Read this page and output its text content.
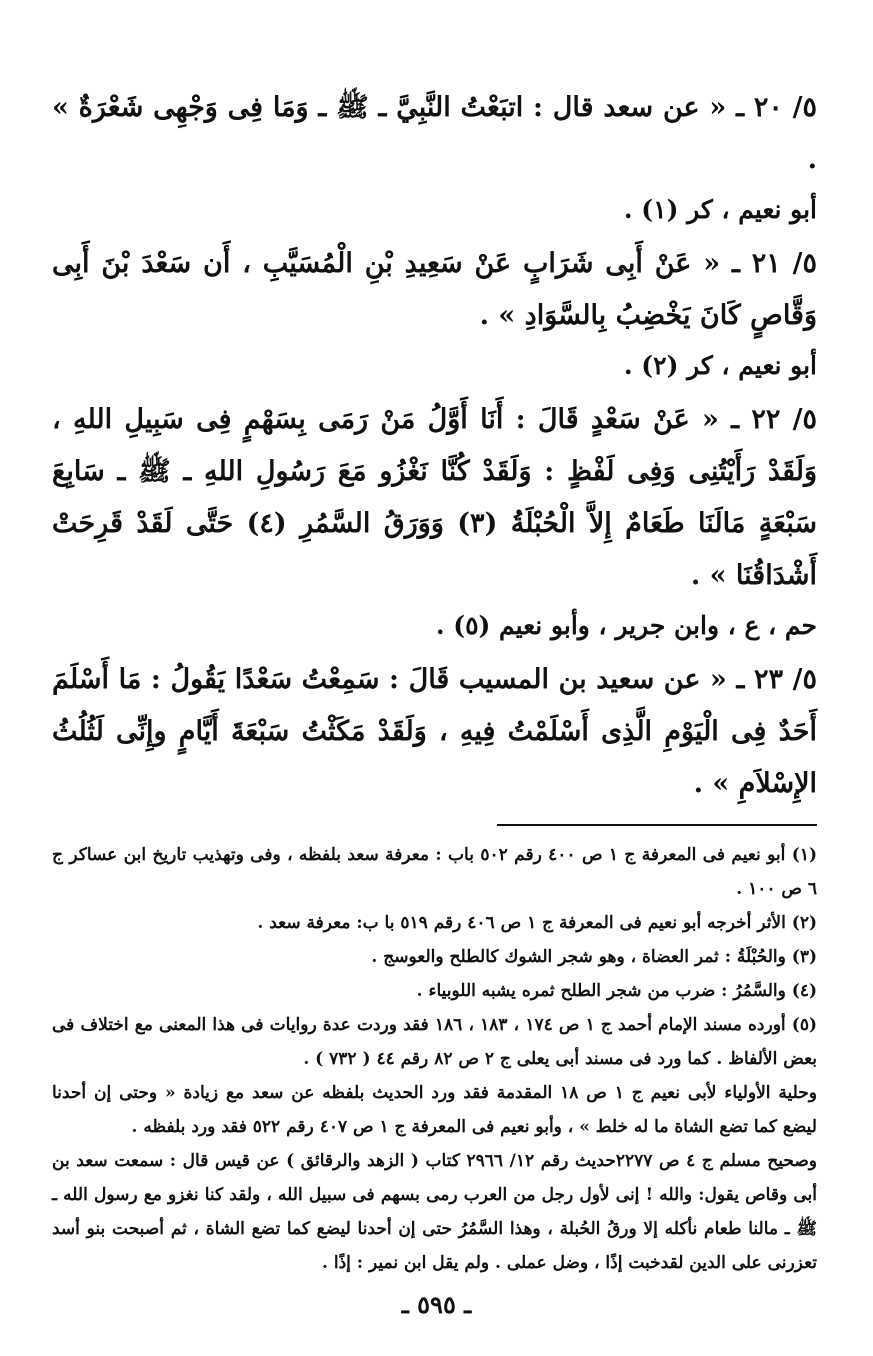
٥/ ٢٠ ـ « عن سعد قال : اتبَعْتُ النَّبِيَّ ـ ﷺ ـ وَمَا فِى وَجْهِى شَعْرَةٌ » .

أبو نعيم ، كر (١) .

٥/ ٢١ ـ « عَنْ أَبِى شَرَابٍ عَنْ سَعِيدِ بْنِ الْمُسَيَّبِ ، أَن سَعْدَ بْنَ أَبِى وَقَّاصٍ كَانَ يَخْضِبُ بِالسَّوَادِ » .

أبو نعيم ، كر (٢) .

٥/ ٢٢ ـ « عَنْ سَعْدٍ قَالَ : أَنَا أَوَّلُ مَنْ رَمَى بِسَهْمٍ فِى سَبِيلِ اللهِ ، وَلَقَدْ رَأَيْتُنِى وَفِى لَفْظٍ : وَلَقَدْ كُنَّا نَغْزُو مَعَ رَسُولِ اللهِ ـ ﷺ ـ سَابِعَ سَبْعَةٍ مَالَنَا طَعَامٌ إِلاَّ الْحُبْلَةُ (٣) وَوَرَقُ السَّمُرِ (٤) حَتَّى لَقَدْ قَرِحَتْ أَشْدَاقُنَا » .

حم ، ع ، وابن جرير ، وأبو نعيم (٥) .

٥/ ٢٣ ـ « عن سعيد بن المسيب قَالَ : سَمِعْتُ سَعْدًا يَقُولُ : مَا أَسْلَمَ أَحَدٌ فِى الْيَوْمِ الَّذِى أَسْلَمْتُ فِيهِ ، وَلَقَدْ مَكَثْتُ سَبْعَةَ أَيَّامٍ وإِنِّى لَثُلُثُ الإِسْلاَمِ » .

(١) أبو نعيم فى المعرفة ج ١ ص ٤٠٠ رقم ٥٠٢ باب : معرفة سعد بلفظه ، وفى وتهذيب تاريخ ابن عساكر ج ٦ ص ١٠٠ .

(٢) الأثر أخرجه أبو نعيم فى المعرفة ج ١ ص ٤٠٦ رقم ٥١٩ با ب: معرفة سعد .

(٣) والحُبْلَةُ : ثمر العضاة ، وهو شجر الشوك كالطلح والعوسج .

(٤) والسَّمُرُ : ضرب من شجر الطلح ثمره يشبه اللوبياء .

(٥) أورده مسند الإمام أحمد ج ١ ص ١٧٤ ، ١٨٣ ، ١٨٦ فقد وردت عدة روايات فى هذا المعنى مع اختلاف فى بعض الألفاظ . كما ورد فى مسند أبى يعلى ج ٢ ص ٨٢ رقم ٤٤ ( ٧٣٢ ) .

وحلية الأولياء لأبى نعيم ج ١ ص ١٨ المقدمة فقد ورد الحديث بلفظه عن سعد مع زيادة « وحتى إن أحدنا ليضع كما تضع الشاة ما له خلط » ، وأبو نعيم فى المعرفة ج ١ ص ٤٠٧ رقم ٥٢٢ فقد ورد بلفظه .

وصحيح مسلم ج ٤ ص ٢٢٧٧حديث رقم ١٢/ ٢٩٦٦ كتاب ( الزهد والرقائق ) عن قيس قال : سمعت سعد بن أبى وقاص يقول: والله ! إنى لأول رجل من العرب رمى بسهم فى سبيل الله ، ولقد كنا نغزو مع رسول الله ـ ﷺ ـ مالنا طعام نأكله إلا ورقُ الحُبلة ، وهذا السَّمُرُ حتى إن أحدنا ليضع كما تضع الشاة ، ثم أصبحت بنو أسد تعزرنى على الدين لقدخبت إذًا ، وضل عملى . ولم يقل ابن نمير : إذًا .

ـ ٥٩٥ ـ
